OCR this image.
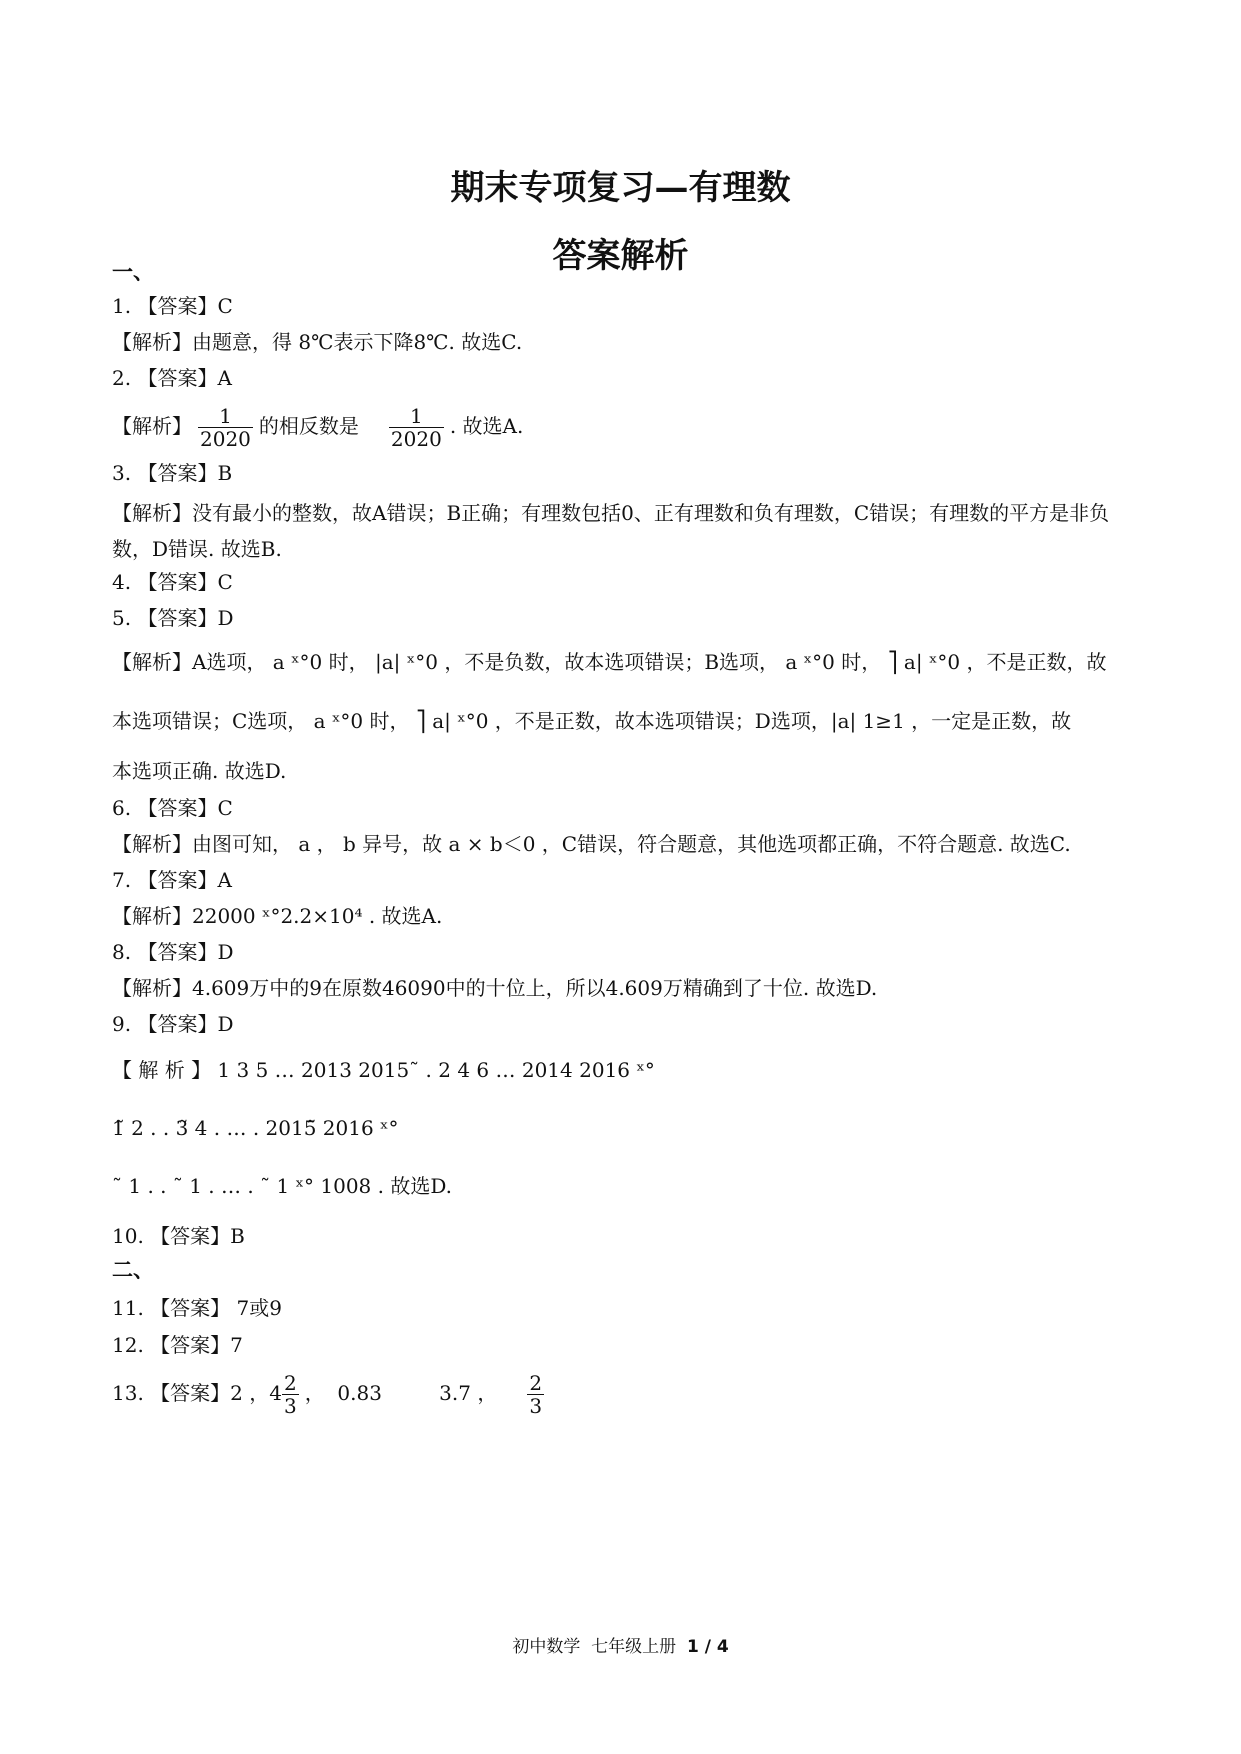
期末专项复习—有理数
答案解析
一、
1. 【答案】C
【解析】由题意，得 8℃表示下降8℃. 故选C.
2. 【答案】A
【解析】 $\frac{1}{2020}$ 的相反数是 $\frac{1}{2020}$ . 故选A.
3. 【答案】B
【解析】没有最小的整数，故A错误；B正确；有理数包括0、正有理数和负有理数，C错误；有理数的平方是非负数，D错误. 故选B.
4. 【答案】C
5. 【答案】D
【解析】A选项， a ˣ°0 时， |a| ˣ°0 ，不是负数，故本选项错误；B选项， a ˣ°0 时， ⎤ a| ˣ°0 ，不是正数，故
本选项错误；C选项， a ˣ°0 时， ⎤ a| ˣ°0 ，不是正数，故本选项错误；D选项，|a| 1≥1 ，一定是正数，故
本选项正确. 故选D.
6. 【答案】C
【解析】由图可知， a ， b 异号，故 a × b＜0 ，C错误，符合题意，其他选项都正确，不符合题意. 故选C.
7. 【答案】A
【解析】22000 ˣ°2.2×10⁴ . 故选A.
8. 【答案】D
【解析】4.609万中的9在原数46090中的十位上，所以4.609万精确到了十位. 故选D.
9. 【答案】D
【 解 析 】 1 3 5 … 2013 2015˜ . 2 4 6 … 2014 2016 ˣ°
1̃ 2 . . 3̃ 4 . … . 2015̃ 2016 ˣ°
˜ 1 . . ˜ 1 . … . ˜ 1 ˣ° 1008 . 故选D.
10. 【答案】B
二、
11. 【答案】 7或9
12. 【答案】7
13. 【答案】2 ，$4 \frac{2}{3}$ ，  0.83         3.7 ， $\frac{2}{3}$
初中数学  七年级上册  1 / 4
